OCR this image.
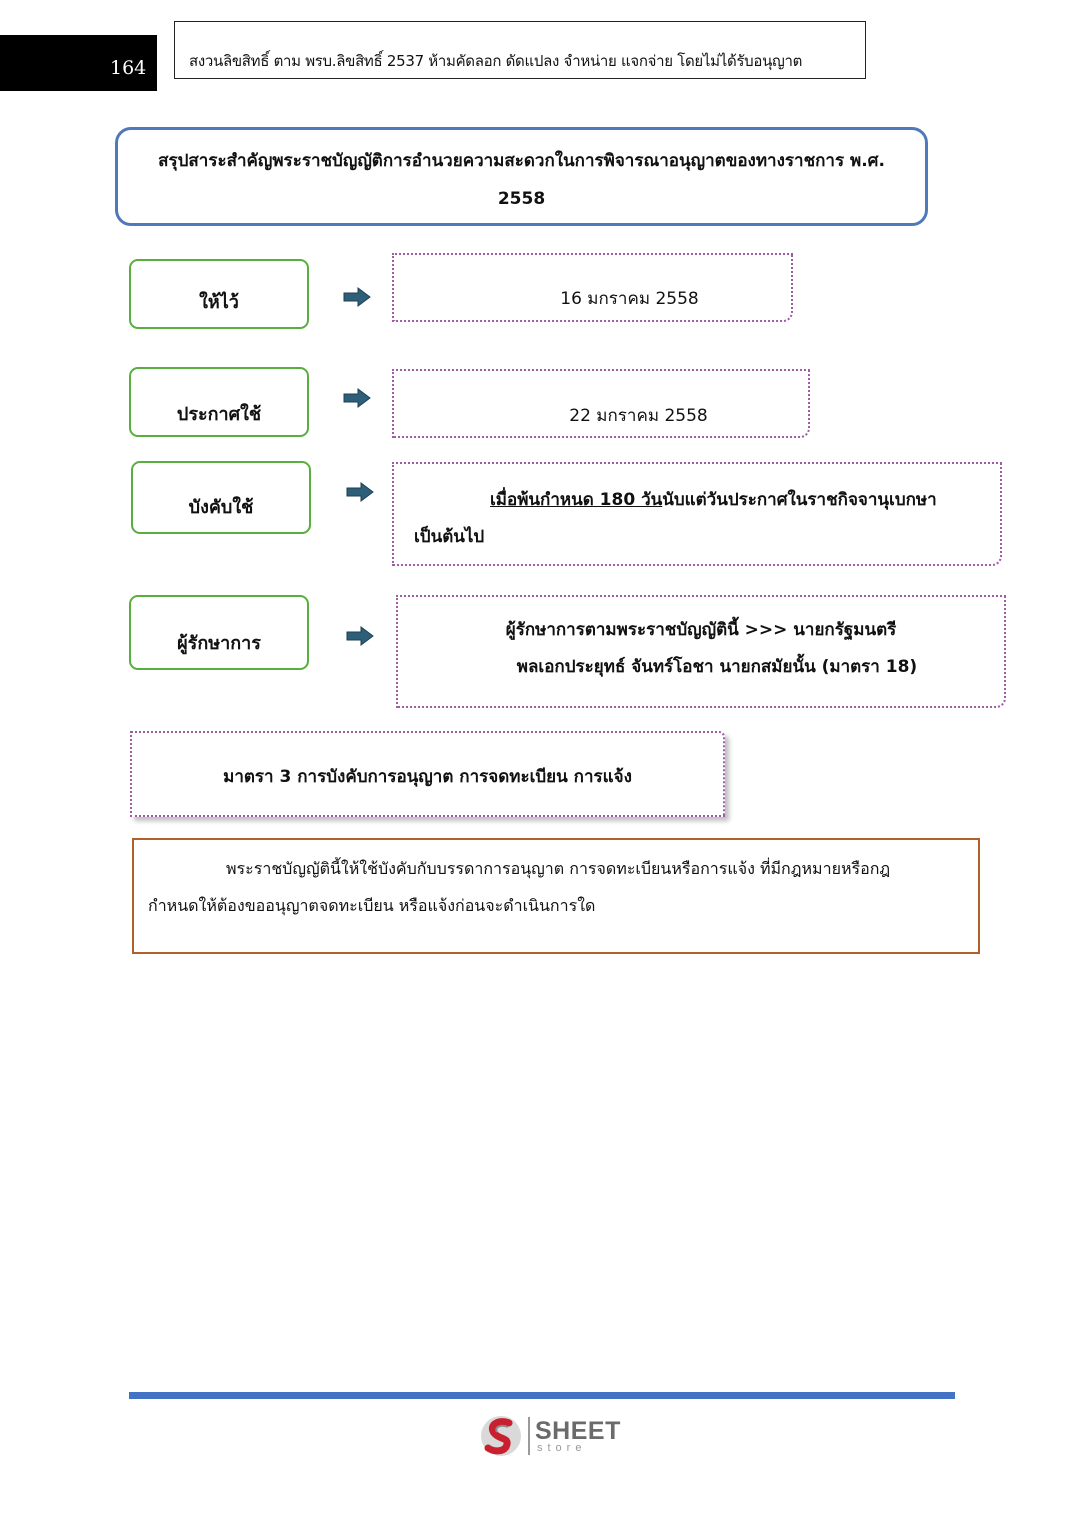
164	สงวนลิขสิทธิ์ ตาม พรบ.ลิขสิทธิ์ 2537 ห้ามคัดลอก ดัดแปลง จำหน่าย แจกจ่าย โดยไม่ได้รับอนุญาต
สรุปสาระสำคัญพระราชบัญญัติการอำนวยความสะดวกในการพิจารณาอนุญาตของทางราชการ พ.ศ.
2558
ให้ไว้	16 มกราคม 2558
ประกาศใช้	22 มกราคม 2558
บังคับใช้	เมื่อพ้นกำหนด 180 วันนับแต่วันประกาศในราชกิจจานุเบกษา
เป็นต้นไป
ผู้รักษาการ
ผู้รักษาการตามพระราชบัญญัตินี้ >>> นายกรัฐมนตรี
พลเอกประยุทธ์ จันทร์โอชา นายกสมัยนั้น (มาตรา 18)
มาตรา 3 การบังคับการอนุญาต การจดทะเบียน การแจ้ง
พระราชบัญญัตินี้ให้ใช้บังคับกับบรรดาการอนุญาต การจดทะเบียนหรือการแจ้ง ที่มีกฎหมายหรือกฎ
กำหนดให้ต้องขออนุญาตจดทะเบียน หรือแจ้งก่อนจะดำเนินการใด
SHEET
store
